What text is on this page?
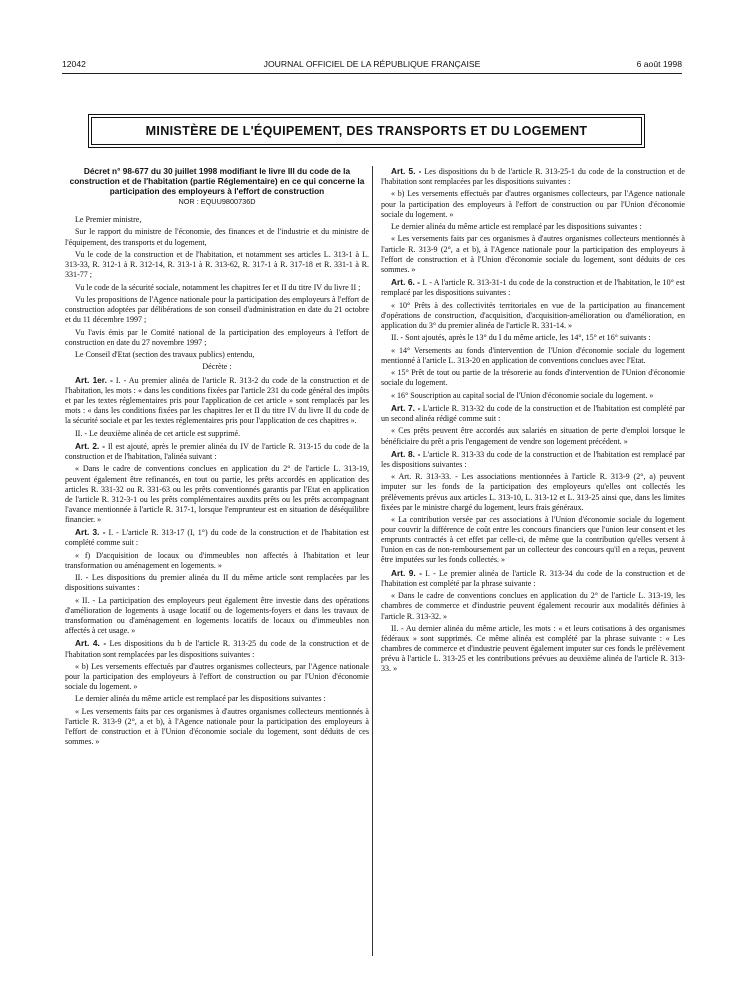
12042	JOURNAL OFFICIEL DE LA RÉPUBLIQUE FRANÇAISE	6 août 1998
MINISTÈRE DE L'ÉQUIPEMENT, DES TRANSPORTS ET DU LOGEMENT
Décret n° 98-677 du 30 juillet 1998 modifiant le livre III du code de la construction et de l'habitation (partie Réglementaire) en ce qui concerne la participation des employeurs à l'effort de construction
NOR : EQUU9800736D

Le Premier ministre,

Sur le rapport du ministre de l'économie, des finances et de l'industrie et du ministre de l'équipement, des transports et du logement,

Vu le code de la construction et de l'habitation, et notamment ses articles L. 313-1 à L. 313-33, R. 312-1 à R. 312-14, R. 313-1 à R. 313-62, R. 317-1 à R. 317-18 et R. 331-1 à R. 331-77 ;

Vu le code de la sécurité sociale, notamment les chapitres Ier et II du titre IV du livre II ;

Vu les propositions de l'Agence nationale pour la participation des employeurs à l'effort de construction adoptées par délibérations de son conseil d'administration en date du 21 octobre et du 11 décembre 1997 ;

Vu l'avis émis par le Comité national de la participation des employeurs à l'effort de construction en date du 27 novembre 1997 ;

Le Conseil d'Etat (section des travaux publics) entendu,

Décrète :

Art. 1er. - I. - Au premier alinéa de l'article R. 313-2 du code de la construction et de l'habitation, les mots : « dans les conditions fixées par l'article 231 du code général des impôts et par les textes réglementaires pris pour l'application de cet article » sont remplacés par les mots : « dans les conditions fixées par les chapitres Ier et II du titre IV du livre II du code de la sécurité sociale et par les textes réglementaires pris pour l'application de ces chapitres ».

II. - Le deuxième alinéa de cet article est supprimé.

Art. 2. - Il est ajouté, après le premier alinéa du IV de l'article R. 313-15 du code de la construction et de l'habitation, l'alinéa suivant :

« Dans le cadre de conventions conclues en application du 2° de l'article L. 313-19, peuvent également être refinancés, en tout ou partie, les prêts accordés en application des articles R. 331-32 ou R. 331-63 ou les prêts conventionnés garantis par l'Etat en application de l'article R. 312-3-1 ou les prêts complémentaires auxdits prêts ou les prêts accompagnant l'avance mentionnée à l'article R. 317-1, lorsque l'emprunteur est en situation de déséquilibre financier. »

Art. 3. - I. - L'article R. 313-17 (I, 1°) du code de la construction et de l'habitation est complété comme suit :

« f) D'acquisition de locaux ou d'immeubles non affectés à l'habitation et leur transformation ou aménagement en logements. »

II. - Les dispositions du premier alinéa du II du même article sont remplacées par les dispositions suivantes :

« II. - La participation des employeurs peut également être investie dans des opérations d'amélioration de logements à usage locatif ou de logements-foyers et dans les travaux de transformation ou d'aménagement en logements locatifs de locaux ou d'immeubles non affectés à cet usage. »

Art. 4. - Les dispositions du b de l'article R. 313-25 du code de la construction et de l'habitation sont remplacées par les dispositions suivantes :

« b) Les versements effectués par d'autres organismes collecteurs, par l'Agence nationale pour la participation des employeurs à l'effort de construction ou par l'Union d'économie sociale du logement. »

Le dernier alinéa du même article est remplacé par les dispositions suivantes :

« Les versements faits par ces organismes à d'autres organismes collecteurs mentionnés à l'article R. 313-9 (2°, a et b), à l'Agence nationale pour la participation des employeurs à l'effort de construction et à l'Union d'économie sociale du logement, sont déduits de ces sommes. »

Art. 5. - Les dispositions du b de l'article R. 313-25-1 du code de la construction et de l'habitation sont remplacées par les dispositions suivantes :

« b) Les versements effectués par d'autres organismes collecteurs, par l'Agence nationale pour la participation des employeurs à l'effort de construction ou par l'Union d'économie sociale du logement. »

Le dernier alinéa du même article est remplacé par les dispositions suivantes :

« Les versements faits par ces organismes à d'autres organismes collecteurs mentionnés à l'article R. 313-9 (2°, a et b), à l'Agence nationale pour la participation des employeurs à l'effort de construction et à l'Union d'économie sociale du logement, sont déduits de ces sommes. »

Art. 6. - I. - A l'article R. 313-31-1 du code de la construction et de l'habitation, le 10° est remplacé par les dispositions suivantes :

« 10° Prêts à des collectivités territoriales en vue de la participation au financement d'opérations de construction, d'acquisition, d'acquisition-amélioration ou d'amélioration, en application du 3° du premier alinéa de l'article R. 331-14. »

II. - Sont ajoutés, après le 13° du I du même article, les 14°, 15° et 16° suivants :

« 14° Versements au fonds d'intervention de l'Union d'économie sociale du logement mentionné à l'article L. 313-20 en application de conventions conclues avec l'Etat.

« 15° Prêt de tout ou partie de la trésorerie au fonds d'intervention de l'Union d'économie sociale du logement.

« 16° Souscription au capital social de l'Union d'économie sociale du logement. »

Art. 7. - L'article R. 313-32 du code de la construction et de l'habitation est complété par un second alinéa rédigé comme suit :

« Ces prêts peuvent être accordés aux salariés en situation de perte d'emploi lorsque le bénéficiaire du prêt a pris l'engagement de vendre son logement précédent. »

Art. 8. - L'article R. 313-33 du code de la construction et de l'habitation est remplacé par les dispositions suivantes :

« Art. R. 313-33. - Les associations mentionnées à l'article R. 313-9 (2°, a) peuvent imputer sur les fonds de la participation des employeurs qu'elles ont collectés les prélèvements prévus aux articles L. 313-10, L. 313-12 et L. 313-25 ainsi que, dans les limites fixées par le ministre chargé du logement, leurs frais généraux.

« La contribution versée par ces associations à l'Union d'économie sociale du logement pour couvrir la différence de coût entre les concours financiers que l'union leur consent et les emprunts contractés à cet effet par celle-ci, de même que la contribution qu'elles versent à l'union en cas de non-remboursement par un collecteur des concours qu'il en a reçus, peuvent être imputées sur les fonds collectés. »

Art. 9. - I. - Le premier alinéa de l'article R. 313-34 du code de la construction et de l'habitation est complété par la phrase suivante :

« Dans le cadre de conventions conclues en application du 2° de l'article L. 313-19, les chambres de commerce et d'industrie peuvent également recourir aux modalités définies à l'article R. 313-32. »

II. - Au dernier alinéa du même article, les mots : « et leurs cotisations à des organismes fédéraux » sont supprimés. Ce même alinéa est complété par la phrase suivante : « Les chambres de commerce et d'industrie peuvent également imputer sur ces fonds le prélèvement prévu à l'article L. 313-25 et les contributions prévues au deuxième alinéa de l'article R. 313-33. »
